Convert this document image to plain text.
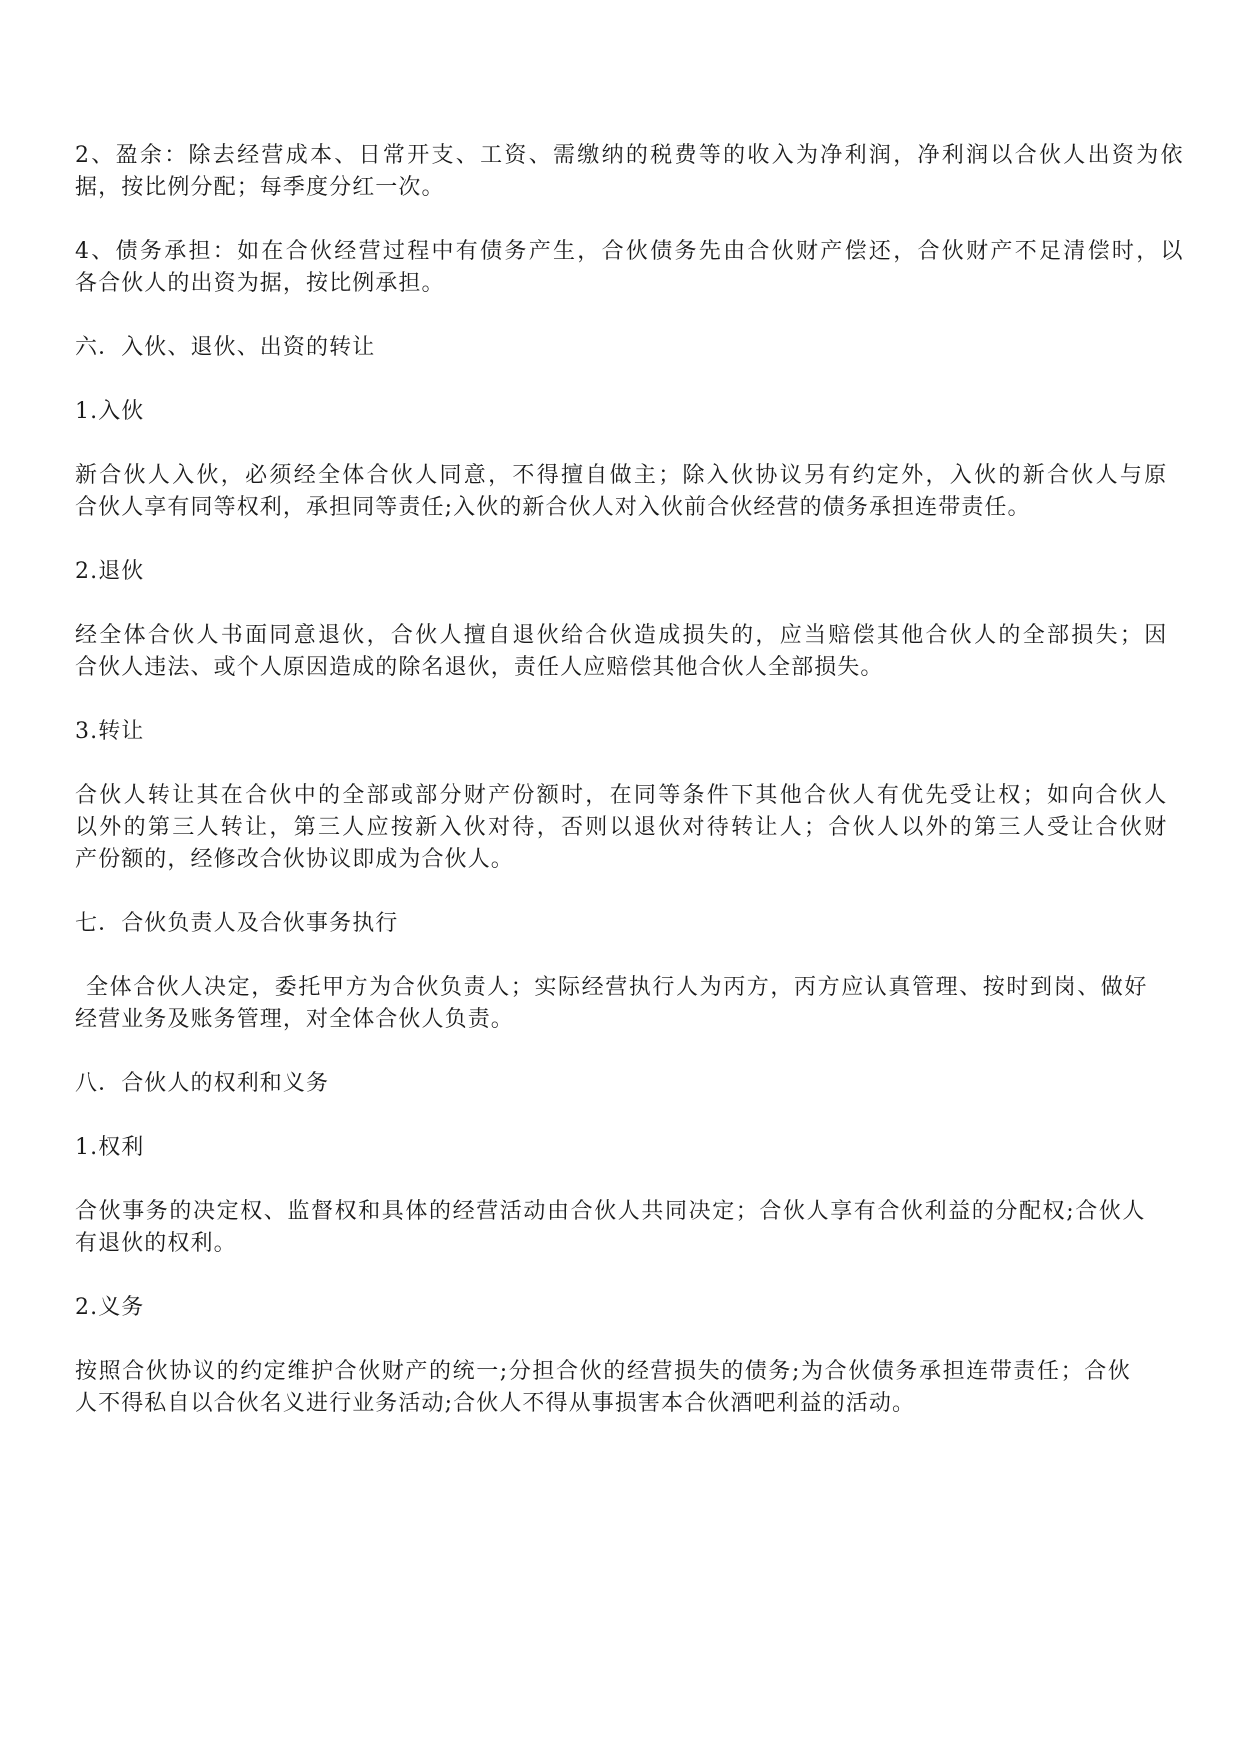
2、盈余：除去经营成本、日常开支、工资、需缴纳的税费等的收入为净利润，净利润以合伙人出资为依
据，按比例分配；每季度分红一次。
4、债务承担：如在合伙经营过程中有债务产生，合伙债务先由合伙财产偿还，合伙财产不足清偿时，以
各合伙人的出资为据，按比例承担。
六．入伙、退伙、出资的转让
1.入伙
新合伙人入伙，必须经全体合伙人同意，不得擅自做主；除入伙协议另有约定外，入伙的新合伙人与原
合伙人享有同等权利，承担同等责任;入伙的新合伙人对入伙前合伙经营的债务承担连带责任。
2.退伙
经全体合伙人书面同意退伙，合伙人擅自退伙给合伙造成损失的，应当赔偿其他合伙人的全部损失；因
合伙人违法、或个人原因造成的除名退伙，责任人应赔偿其他合伙人全部损失。
3.转让
合伙人转让其在合伙中的全部或部分财产份额时，在同等条件下其他合伙人有优先受让权；如向合伙人
以外的第三人转让，第三人应按新入伙对待，否则以退伙对待转让人；合伙人以外的第三人受让合伙财
产份额的，经修改合伙协议即成为合伙人。
七．合伙负责人及合伙事务执行
全体合伙人决定，委托甲方为合伙负责人；实际经营执行人为丙方，丙方应认真管理、按时到岗、做好
经营业务及账务管理，对全体合伙人负责。
八．合伙人的权利和义务
1.权利
合伙事务的决定权、监督权和具体的经营活动由合伙人共同决定；合伙人享有合伙利益的分配权;合伙人
有退伙的权利。
2.义务
按照合伙协议的约定维护合伙财产的统一;分担合伙的经营损失的债务;为合伙债务承担连带责任；合伙
人不得私自以合伙名义进行业务活动;合伙人不得从事损害本合伙酒吧利益的活动。
